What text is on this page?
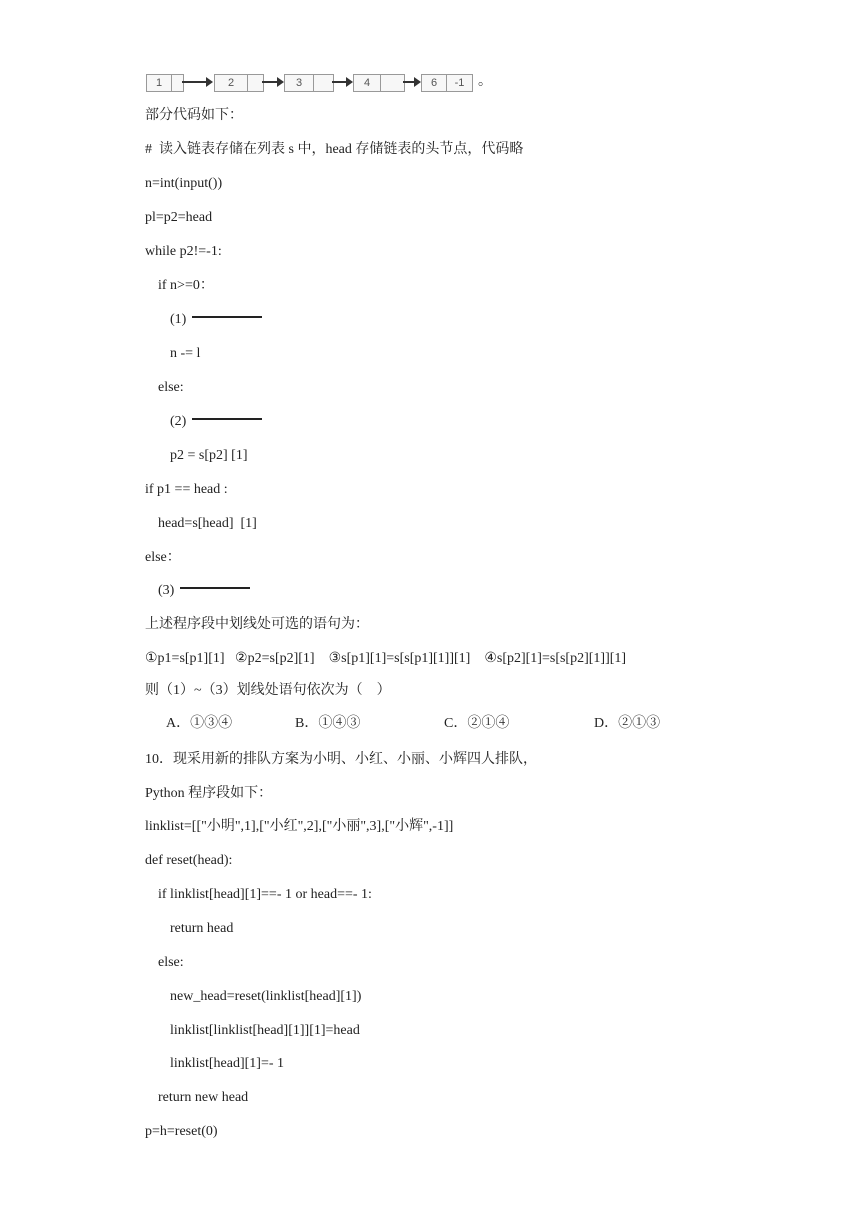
1	2	3	4	6	-1 。
部分代码如下：
#  读入链表存储在列表 s 中，head 存储链表的头节点，代码略
n=int(input())
pl=p2=head
while p2!=-1:
if n>=0：
(1)
n -= l
else:
(2)
p2 = s[p2] [1]
if p1 == head :
head=s[head]  [1]
else：
(3)
上述程序段中划线处可选的语句为：
①p1=s[p1][1]   ②p2=s[p2][1]    ③s[p1][1]=s[s[p1][1]][1]    ④s[p2][1]=s[s[p2][1]][1]
则（1）~（3）划线处语句依次为（    ）
A．①③④	B．①④③	C．②①④	D．②①③
10．现采用新的排队方案为小明、小红、小丽、小辉四人排队，
Python 程序段如下：
linklist=[["小明",1],["小红",2],["小丽",3],["小辉",-1]]
def reset(head):
if linklist[head][1]==- 1 or head==- 1:
return head
else:
new_head=reset(linklist[head][1])
linklist[linklist[head][1]][1]=head
linklist[head][1]=- 1
return new head
p=h=reset(0)
